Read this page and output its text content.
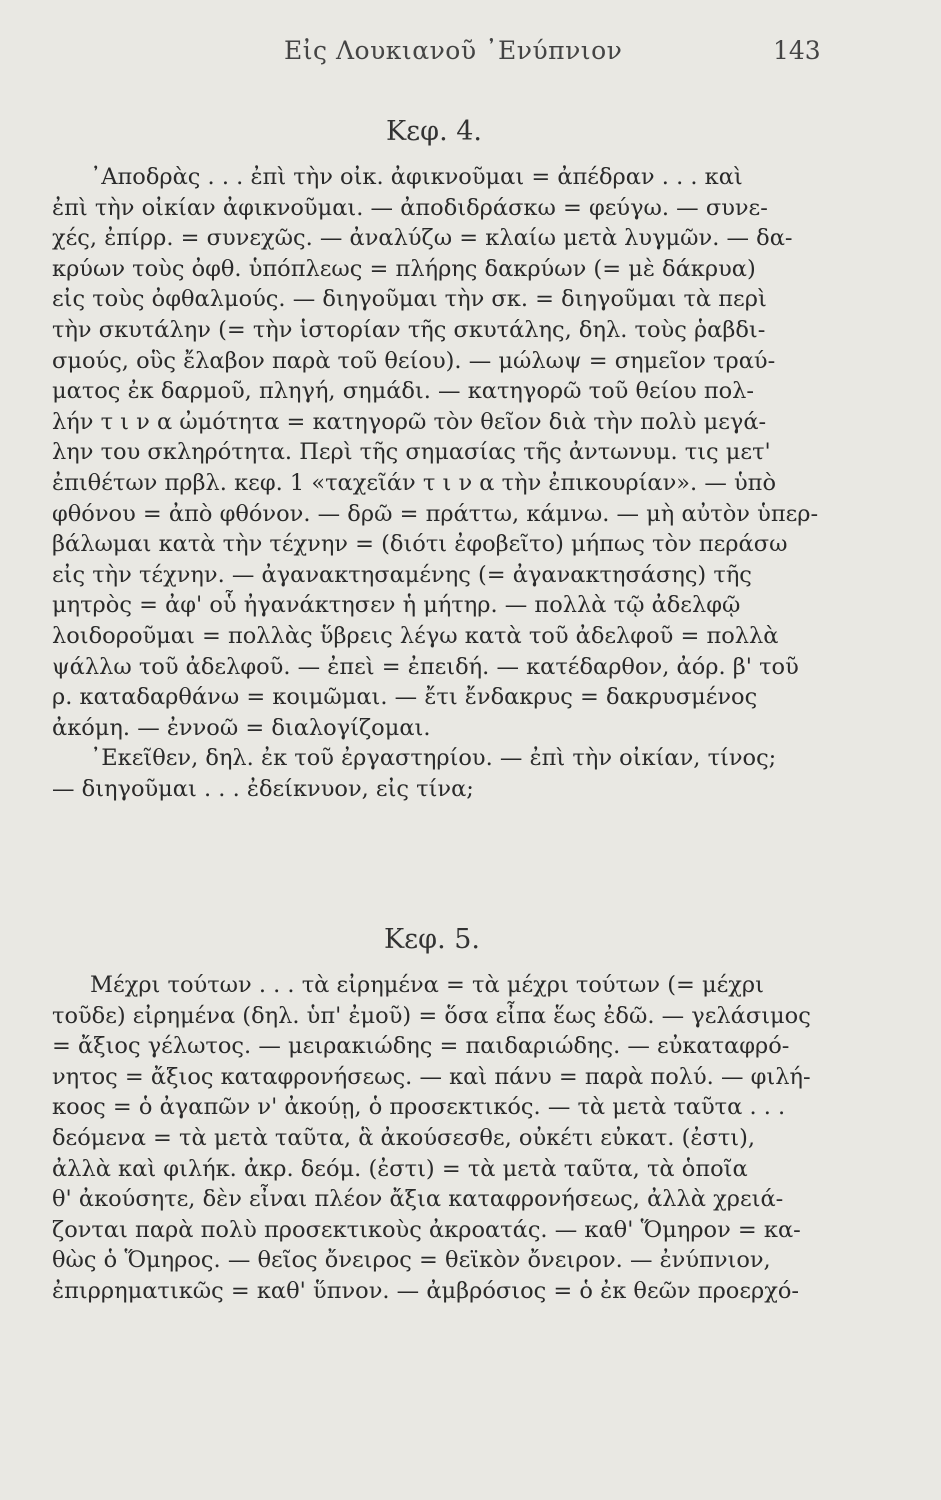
Εἰς Λουκιανοῦ ᾿Ενύπνιον	143
Κεφ. 4.
᾿Αποδρὰς . . . ἐπὶ τὴν οἰκ. ἀφικνοῦμαι = ἀπέδραν . . . καὶ
ἐπὶ τὴν οἰκίαν ἀφικνοῦμαι. — ἀποδιδράσκω = φεύγω. — συνε-
χές, ἐπίρρ. = συνεχῶς. — ἀναλύζω = κλαίω μετὰ λυγμῶν. — δα-
κρύων τοὺς ὀφθ. ὑπόπλεως = πλήρης δακρύων (= μὲ δάκρυα)
εἰς τοὺς ὀφθαλμούς. — διηγοῦμαι τὴν σκ. = διηγοῦμαι τὰ περὶ
τὴν σκυτάλην (= τὴν ἱστορίαν τῆς σκυτάλης, δηλ. τοὺς ῥαβδι-
σμούς, οὓς ἔλαβον παρὰ τοῦ θείου). — μώλωψ = σημεῖον τραύ-
ματος ἐκ δαρμοῦ, πληγή, σημάδι. — κατηγορῶ τοῦ θείου πολ-
λήν τ ι ν α ὠμότητα = κατηγορῶ τὸν θεῖον διὰ τὴν πολὺ μεγά-
λην του σκληρότητα. Περὶ τῆς σημασίας τῆς ἀντωνυμ. τις μετ'
ἐπιθέτων πρβλ. κεφ. 1 «ταχεῖάν τ ι ν α τὴν ἐπικουρίαν». — ὑπὸ
φθόνου = ἀπὸ φθόνον. — δρῶ = πράττω, κάμνω. — μὴ αὐτὸν ὑπερ-
βάλωμαι κατὰ τὴν τέχνην = (διότι ἐφοβεῖτο) μήπως τὸν περάσω
εἰς τὴν τέχνην. — ἀγανακτησαμένης (= ἀγανακτησάσης) τῆς
μητρὸς = ἀφ' οὗ ἠγανάκτησεν ἡ μήτηρ. — πολλὰ τῷ ἀδελφῷ
λοιδοροῦμαι = πολλὰς ὕβρεις λέγω κατὰ τοῦ ἀδελφοῦ = πολλὰ
ψάλλω τοῦ ἀδελφοῦ. — ἐπεὶ = ἐπειδή. — κατέδαρθον, ἀόρ. β' τοῦ
ρ. καταδαρθάνω = κοιμῶμαι. — ἔτι ἔνδακρυς = δακρυσμένος
ἀκόμη. — ἐννοῶ = διαλογίζομαι.
᾿Εκεῖθεν, δηλ. ἐκ τοῦ ἐργαστηρίου. — ἐπὶ τὴν οἰκίαν, τίνος;
— διηγοῦμαι . . . ἐδείκνυον, εἰς τίνα;
Κεφ. 5.
Μέχρι τούτων . . . τὰ εἰρημένα = τὰ μέχρι τούτων (= μέχρι
τοῦδε) εἰρημένα (δηλ. ὑπ' ἐμοῦ) = ὅσα εἶπα ἕως ἐδῶ. — γελάσιμος
= ἄξιος γέλωτος. — μειρακιώδης = παιδαριώδης. — εὐκαταφρό-
νητος = ἄξιος καταφρονήσεως. — καὶ πάνυ = παρὰ πολύ. — φιλή-
κοος = ὁ ἀγαπῶν ν' ἀκούῃ, ὁ προσεκτικός. — τὰ μετὰ ταῦτα . . .
δεόμενα = τὰ μετὰ ταῦτα, ἃ ἀκούσεσθε, οὐκέτι εὐκατ. (ἐστι),
ἀλλὰ καὶ φιλήκ. ἀκρ. δεόμ. (ἐστι) = τὰ μετὰ ταῦτα, τὰ ὁποῖα
θ' ἀκούσητε, δὲν εἶναι πλέον ἄξια καταφρονήσεως, ἀλλὰ χρειά-
ζονται παρὰ πολὺ προσεκτικοὺς ἀκροατάς. — καθ' Ὅμηρον = κα-
θὼς ὁ Ὅμηρος. — θεῖος ὄνειρος = θεϊκὸν ὄνειρον. — ἐνύπνιον,
ἐπιρρηματικῶς = καθ' ὕπνον. — ἀμβρόσιος = ὁ ἐκ θεῶν προερχό-
